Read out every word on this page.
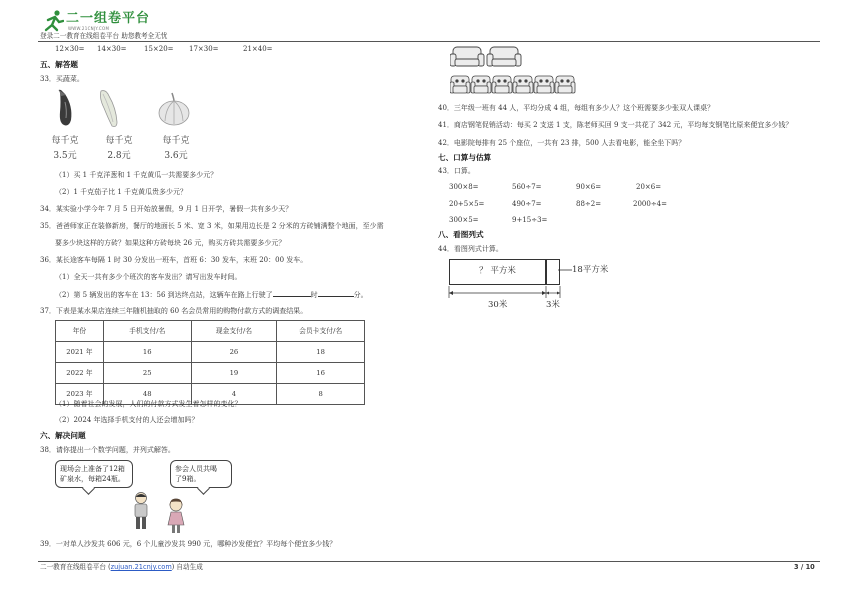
二一组卷平台
WWW.21CNJY.COM
登录二一教育在线组卷平台 助您教考全无忧
12×30= 14×30= 15×20= 17×30=	21×40=
五、解答题
33．买蔬菜。
每千克
3.5元
每千克
2.8元
每千克
3.6元
（1）买 1 千克洋葱和 1 千克黄瓜一共需要多少元？
（2）1 千克茄子比 1 千克黄瓜贵多少元？
34．某实验小学今年 7 月 5 日开始放暑假，9 月 1 日开学，暑假一共有多少天？
35．爸爸师家正在装修新房，餐厅的地面长 5 米、宽 3 米，如果用边长是 2 分米的方砖铺满整个地面，至少需
要多少块这样的方砖？如果这种方砖每块 26 元，购买方砖共需要多少元？
36．某长途客车每隔 1 时 30 分发出一班车，首班 6：30 发车，末班 20：00 发车。
（1）全天一共有多少个班次的客车发出？请写出发车时间。
（2）第 5 辆发出的客车在 13：56 到达终点站，这辆车在路上行驶了	时	分。
37．下表是某水果店连续三年随机抽取的 60 名会员常用的购物付款方式的调查结果。
年份	手机支付/名	现金支付/名	会员卡支付/名
2021 年	16	26	18
2022 年	25	19	16
2023 年	48	4	8
（1）随着社会的发展，人们的付款方式发生着怎样的变化？
（2）2024 年选择手机支付的人还会增加吗？
六、解决问题
38．请你提出一个数学问题，并列式解答。
现场会上准备了12箱
矿泉水，每箱24瓶。
参会人员共喝
了9箱。
39．一对单人沙发共 606 元，6 个儿童沙发共 990 元，哪种沙发便宜？平均每个便宜多少钱？
40．三年级一班有 44 人，平均分成 4 组，每组有多少人？这个班需要多少张双人课桌？
41．商店钢笔促销活动：每买 2 支送 1 支，陈老师买回 9 支一共花了 342 元，平均每支钢笔比原来便宜多少钱？
42．电影院每排有 25 个座位，一共有 23 排，500 人去看电影，能全坐下吗？
七、口算与估算
43．口算。
300×8=	560÷7=	90×6=	20×6=
20+5×5=	490÷7=	88÷2=	2000÷4=
300×5=	9+15÷3=
八、看图列式
44．看图列式计算。
？ 平方米	18平方米
30米	3米
二一教育在线组卷平台 (zujuan.21cnjy.com) 自动生成	3 / 10
